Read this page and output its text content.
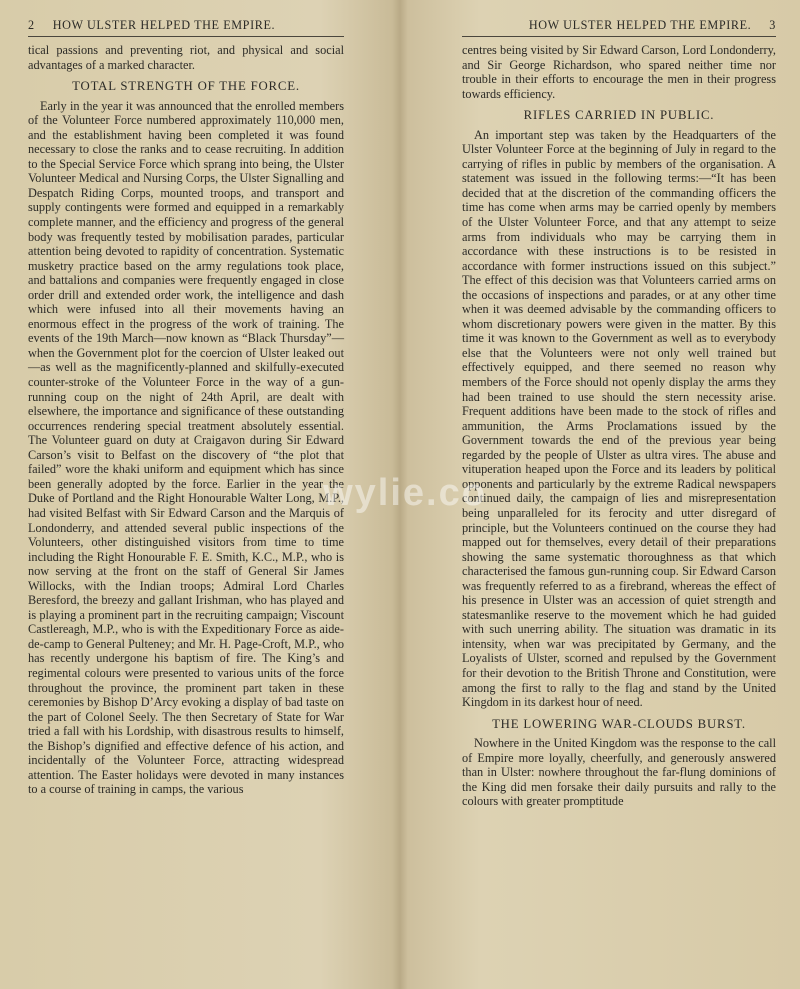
2 HOW ULSTER HELPED THE EMPIRE.

tical passions and preventing riot, and physical and social advantages of a marked character.

TOTAL STRENGTH OF THE FORCE.

Early in the year it was announced that the enrolled members of the Volunteer Force numbered approximately 110,000 men, and the establishment having been completed it was found necessary to close the ranks and to cease recruiting. In addition to the Special Service Force which sprang into being, the Ulster Volunteer Medical and Nursing Corps, the Ulster Signalling and Despatch Riding Corps, mounted troops, and transport and supply contingents were formed and equipped in a remarkably complete manner, and the efficiency and progress of the general body was frequently tested by mobilisation parades, particular attention being devoted to rapidity of concentration. Systematic musketry practice based on the army regulations took place, and battalions and companies were frequently engaged in close order drill and extended order work, the intelligence and dash which were infused into all their movements having an enormous effect in the progress of the work of training. The events of the 19th March—now known as “Black Thursday”—when the Government plot for the coercion of Ulster leaked out—as well as the magnificently-planned and skilfully-executed counter-stroke of the Volunteer Force in the way of a gun-running coup on the night of 24th April, are dealt with elsewhere, the importance and significance of these outstanding occurrences rendering special treatment absolutely essential. The Volunteer guard on duty at Craigavon during Sir Edward Carson’s visit to Belfast on the discovery of “the plot that failed” wore the khaki uniform and equipment which has since been generally adopted by the force. Earlier in the year the Duke of Portland and the Right Honourable Walter Long, M.P., had visited Belfast with Sir Edward Carson and the Marquis of Londonderry, and attended several public inspections of the Volunteers, other distinguished visitors from time to time including the Right Honourable F. E. Smith, K.C., M.P., who is now serving at the front on the staff of General Sir James Willocks, with the Indian troops; Admiral Lord Charles Beresford, the breezy and gallant Irishman, who has played and is playing a prominent part in the recruiting campaign; Viscount Castlereagh, M.P., who is with the Expeditionary Force as aide-de-camp to General Pulteney; and Mr. H. Page-Croft, M.P., who has recently undergone his baptism of fire. The King’s and regimental colours were presented to various units of the force throughout the province, the prominent part taken in these ceremonies by Bishop D’Arcy evoking a display of bad taste on the part of Colonel Seely. The then Secretary of State for War tried a fall with his Lordship, with disastrous results to himself, the Bishop’s dignified and effective defence of his action, and incidentally of the Volunteer Force, attracting widespread attention. The Easter holidays were devoted in many instances to a course of training in camps, the various

HOW ULSTER HELPED THE EMPIRE. 3

centres being visited by Sir Edward Carson, Lord Londonderry, and Sir George Richardson, who spared neither time nor trouble in their efforts to encourage the men in their progress towards efficiency.

RIFLES CARRIED IN PUBLIC.

An important step was taken by the Headquarters of the Ulster Volunteer Force at the beginning of July in regard to the carrying of rifles in public by members of the organisation. A statement was issued in the following terms:—“It has been decided that at the discretion of the commanding officers the time has come when arms may be carried openly by members of the Ulster Volunteer Force, and that any attempt to seize arms from individuals who may be carrying them in accordance with these instructions is to be resisted in accordance with former instructions issued on this subject.” The effect of this decision was that Volunteers carried arms on the occasions of inspections and parades, or at any other time when it was deemed advisable by the commanding officers to whom discretionary powers were given in the matter. By this time it was known to the Government as well as to everybody else that the Volunteers were not only well trained but effectively equipped, and there seemed no reason why members of the Force should not openly display the arms they had been trained to use should the stern necessity arise. Frequent additions have been made to the stock of rifles and ammunition, the Arms Proclamations issued by the Government towards the end of the previous year being regarded by the people of Ulster as ultra vires. The abuse and vituperation heaped upon the Force and its leaders by political opponents and particularly by the extreme Radical newspapers continued daily, the campaign of lies and misrepresentation being unparalleled for its ferocity and utter disregard of principle, but the Volunteers continued on the course they had mapped out for themselves, every detail of their preparations showing the same systematic thoroughness as that which characterised the famous gun-running coup. Sir Edward Carson was frequently referred to as a firebrand, whereas the effect of his presence in Ulster was an accession of quiet strength and statesmanlike reserve to the movement which he had guided with such unerring ability. The situation was dramatic in its intensity, when war was precipitated by Germany, and the Loyalists of Ulster, scorned and repulsed by the Government for their devotion to the British Throne and Constitution, were among the first to rally to the flag and stand by the United Kingdom in its darkest hour of need.

THE LOWERING WAR-CLOUDS BURST.

Nowhere in the United Kingdom was the response to the call of Empire more loyally, cheerfully, and generously answered than in Ulster: nowhere throughout the far-flung dominions of the King did men forsake their daily pursuits and rally to the colours with greater promptitude

wylie.co
